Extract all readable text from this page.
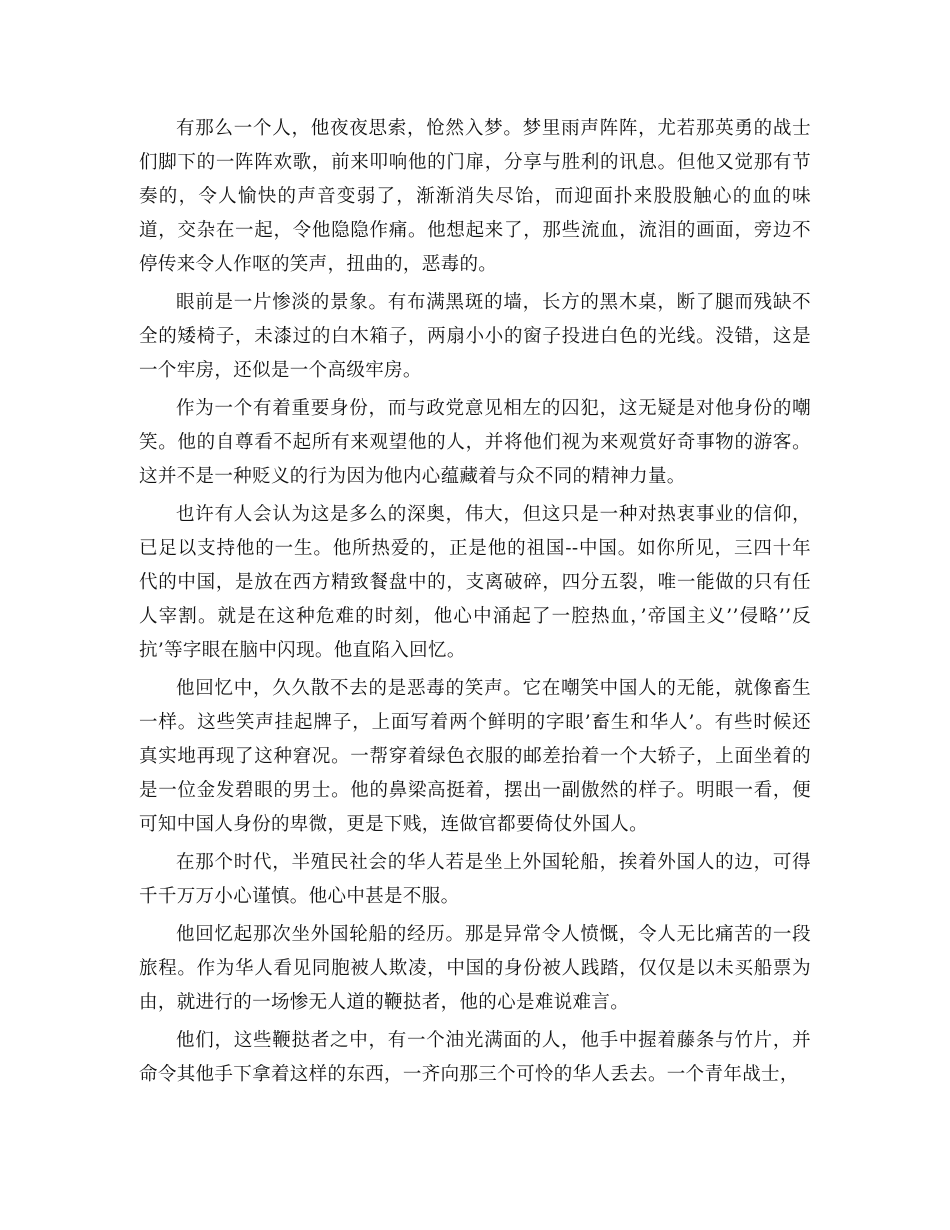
有那么一个人，他夜夜思索，怆然入梦。梦里雨声阵阵，尤若那英勇的战士们脚下的一阵阵欢歌，前来叩响他的门扉，分享与胜利的讯息。但他又觉那有节奏的，令人愉快的声音变弱了，渐渐消失尽饴，而迎面扑来股股触心的血的味道，交杂在一起，令他隐隐作痛。他想起来了，那些流血，流泪的画面，旁边不停传来令人作呕的笑声，扭曲的，恶毒的。

眼前是一片惨淡的景象。有布满黑斑的墙，长方的黑木桌，断了腿而残缺不全的矮椅子，未漆过的白木箱子，两扇小小的窗子投进白色的光线。没错，这是一个牢房，还似是一个高级牢房。

作为一个有着重要身份，而与政党意见相左的囚犯，这无疑是对他身份的嘲笑。他的自尊看不起所有来观望他的人，并将他们视为来观赏好奇事物的游客。这并不是一种贬义的行为因为他内心蕴藏着与众不同的精神力量。

也许有人会认为这是多么的深奥，伟大，但这只是一种对热衷事业的信仰，已足以支持他的一生。他所热爱的，正是他的祖国--中国。如你所见，三四十年代的中国，是放在西方精致餐盘中的，支离破碎，四分五裂，唯一能做的只有任人宰割。就是在这种危难的时刻，他心中涌起了一腔热血，’帝国主义’’侵略’’反抗’等字眼在脑中闪现。他直陷入回忆。

他回忆中，久久散不去的是恶毒的笑声。它在嘲笑中国人的无能，就像畜生一样。这些笑声挂起牌子，上面写着两个鲜明的字眼’畜生和华人’。有些时候还真实地再现了这种窘况。一帮穿着绿色衣服的邮差抬着一个大轿子，上面坐着的是一位金发碧眼的男士。他的鼻梁高挺着，摆出一副傲然的样子。明眼一看，便可知中国人身份的卑微，更是下贱，连做官都要倚仗外国人。

在那个时代，半殖民社会的华人若是坐上外国轮船，挨着外国人的边，可得千千万万小心谨慎。他心中甚是不服。

他回忆起那次坐外国轮船的经历。那是异常令人愤慨，令人无比痛苦的一段旅程。作为华人看见同胞被人欺凌，中国的身份被人践踏，仅仅是以未买船票为由，就进行的一场惨无人道的鞭挞者，他的心是难说难言。

他们，这些鞭挞者之中，有一个油光满面的人，他手中握着藤条与竹片，并命令其他手下拿着这样的东西，一齐向那三个可怜的华人丢去。一个青年战士，
